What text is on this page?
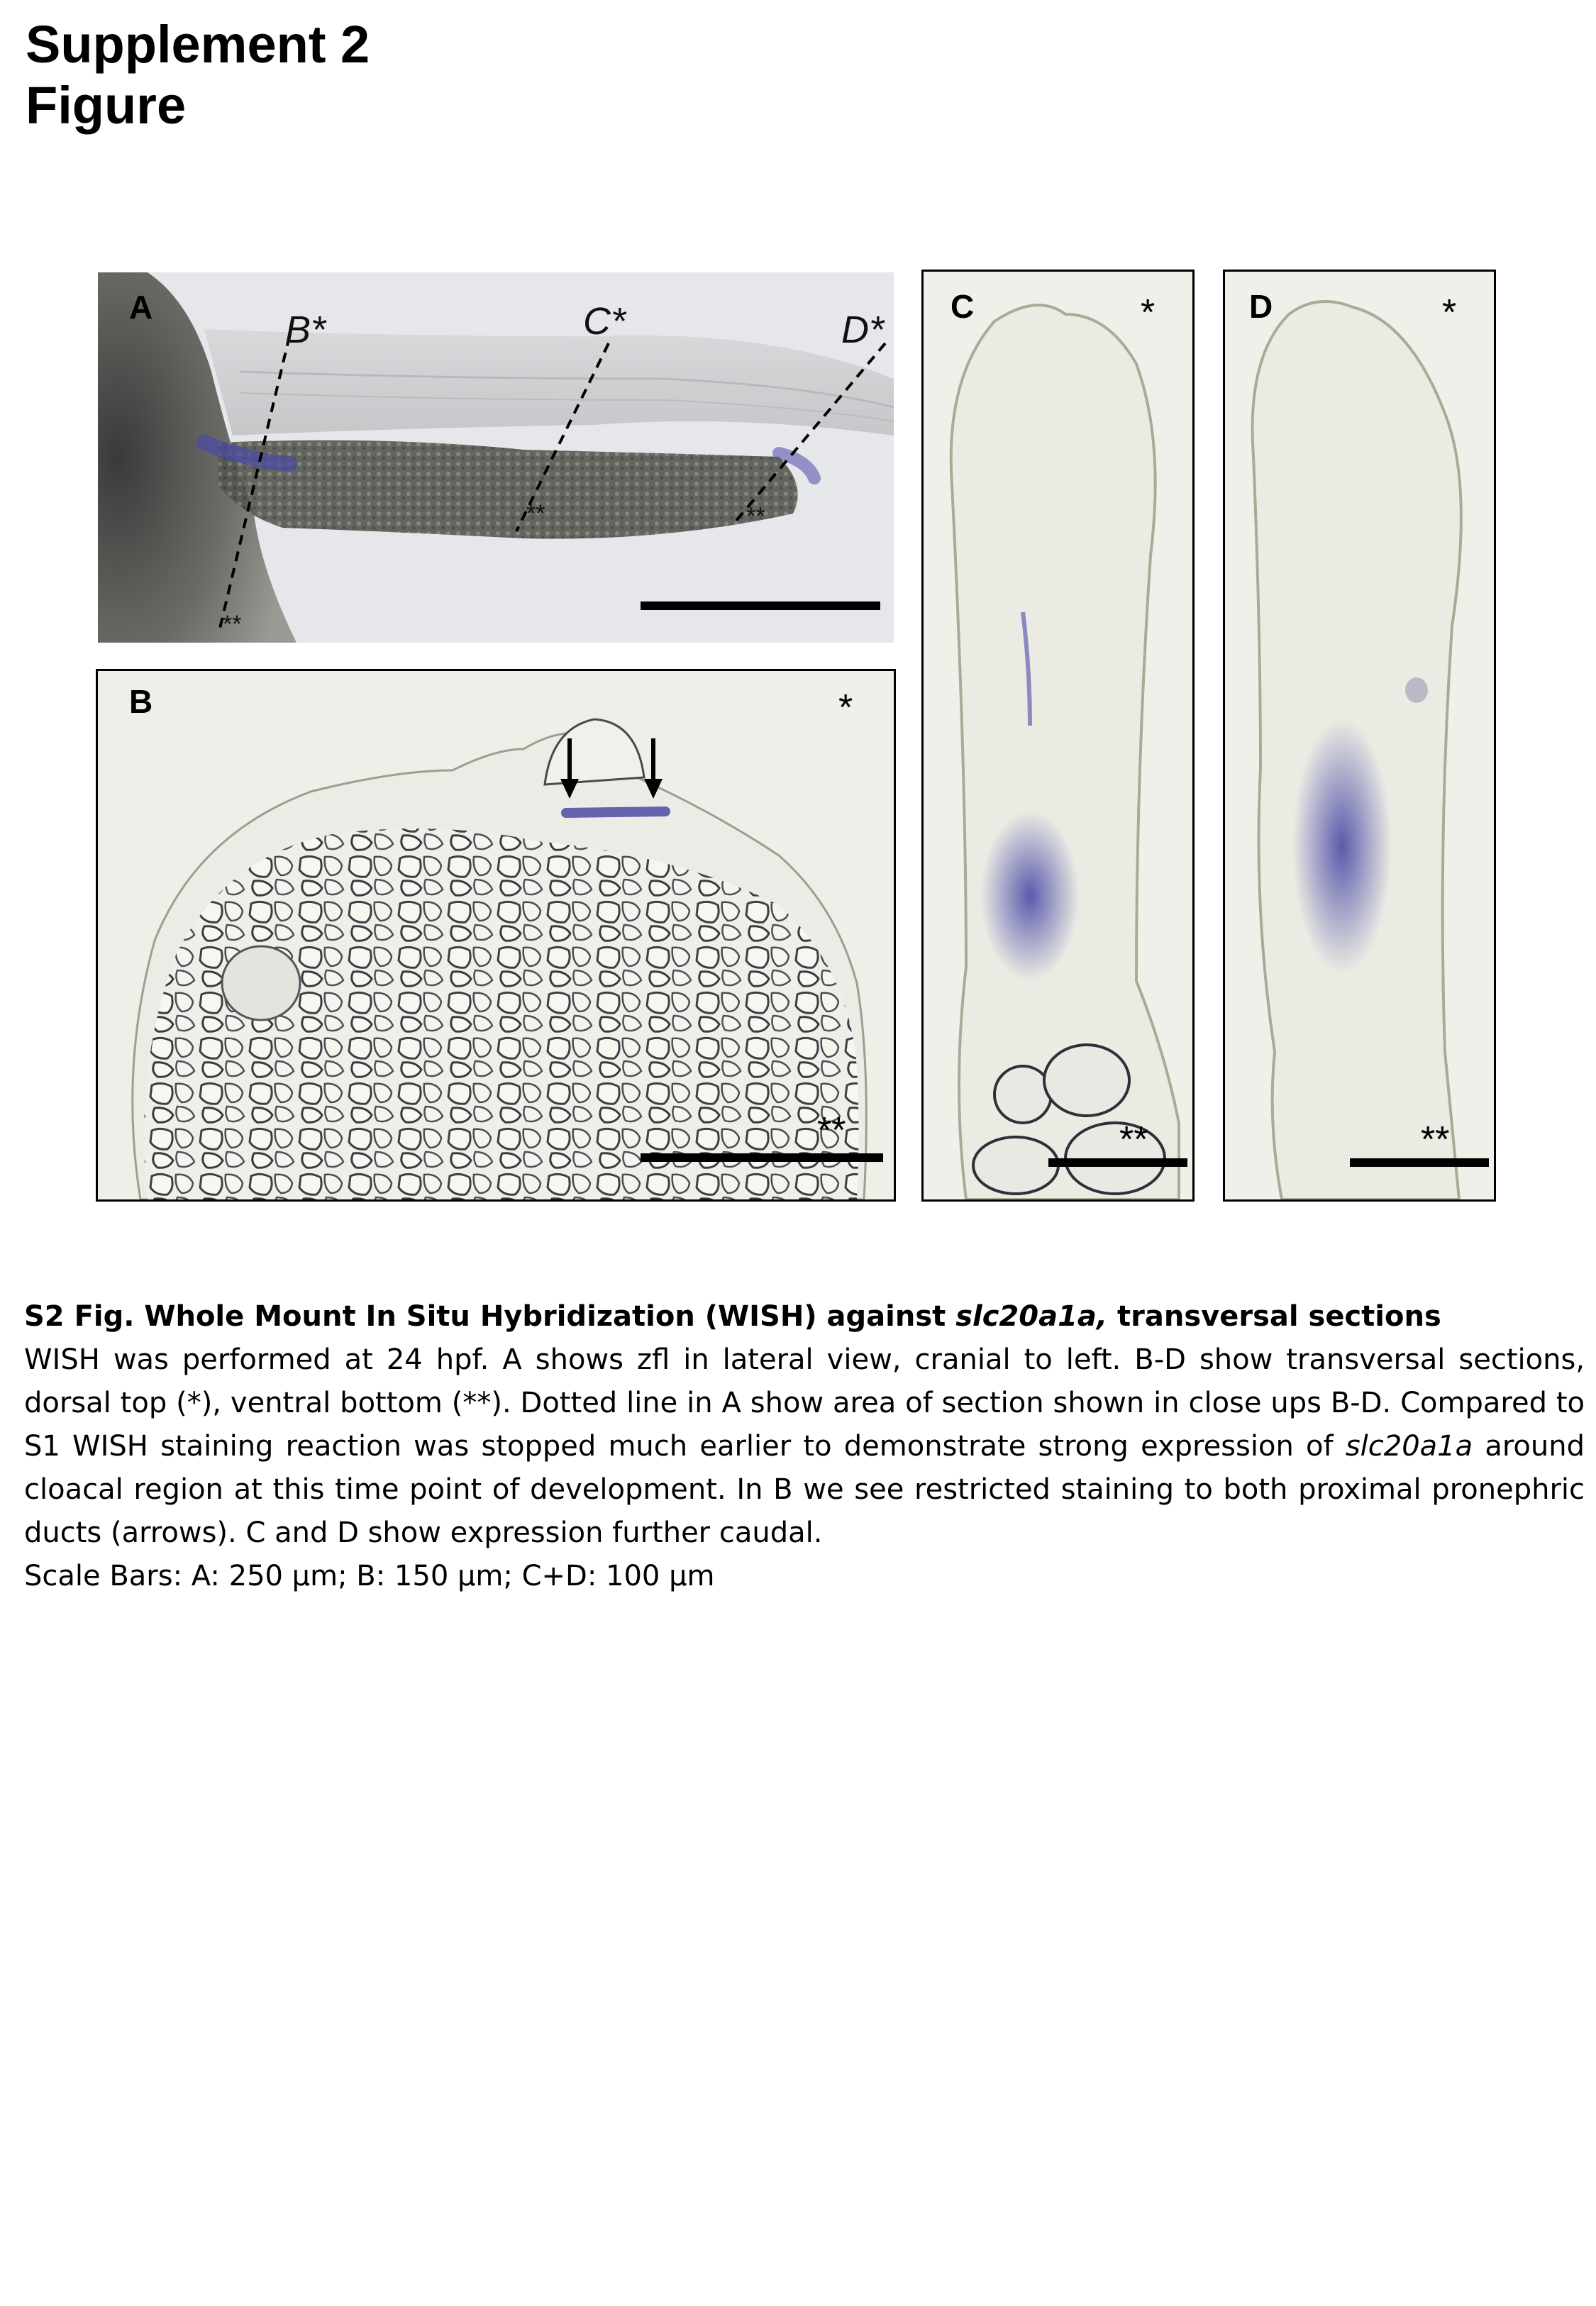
Supplement 2
Figure
A
B*	C*	D*
**
**	**
B	*
**
C	*
**
D	*
**
S2 Fig. Whole Mount In Situ Hybridization (WISH) against slc20a1a, transversal sections
WISH was performed at 24 hpf. A shows zfl in lateral view, cranial to left. B-D show transversal sections, dorsal top (*), ventral bottom (**). Dotted line in A show area of section shown in close ups B-D. Compared to S1 WISH staining reaction was stopped much earlier to demonstrate strong expression of slc20a1a around cloacal region at this time point of development. In B we see restricted staining to both proximal pronephric ducts (arrows). C and D show expression further caudal.
Scale Bars: A: 250 µm; B: 150 µm; C+D: 100 µm
